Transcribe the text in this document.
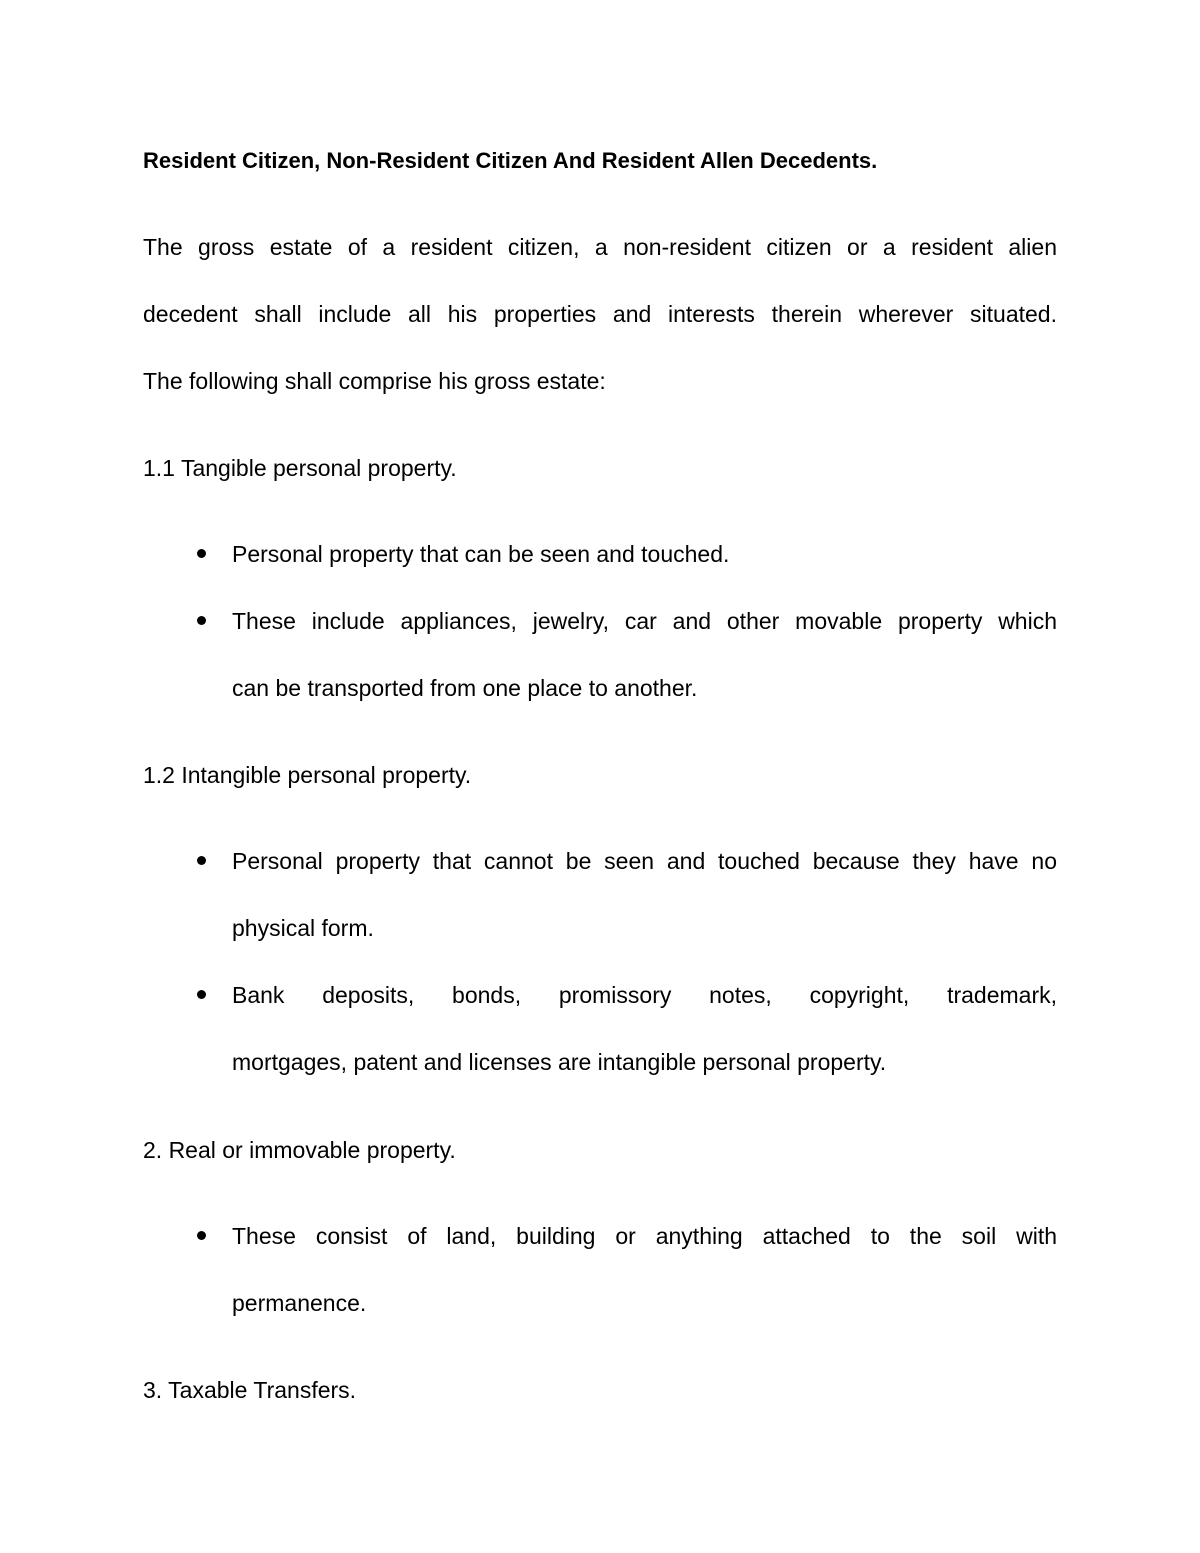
Resident Citizen, Non-Resident Citizen And Resident Allen Decedents.
The gross estate of a resident citizen, a non-resident citizen or a resident alien
decedent shall include all his properties and interests therein wherever situated.
The following shall comprise his gross estate:
1.1 Tangible personal property.
Personal property that can be seen and touched.
These include appliances, jewelry, car and other movable property which
can be transported from one place to another.
1.2 Intangible personal property.
Personal property that cannot be seen and touched because they have no
physical form.
Bank deposits, bonds, promissory notes, copyright, trademark,
mortgages, patent and licenses are intangible personal property.
2. Real or immovable property.
These consist of land, building or anything attached to the soil with
permanence.
3. Taxable Transfers.
